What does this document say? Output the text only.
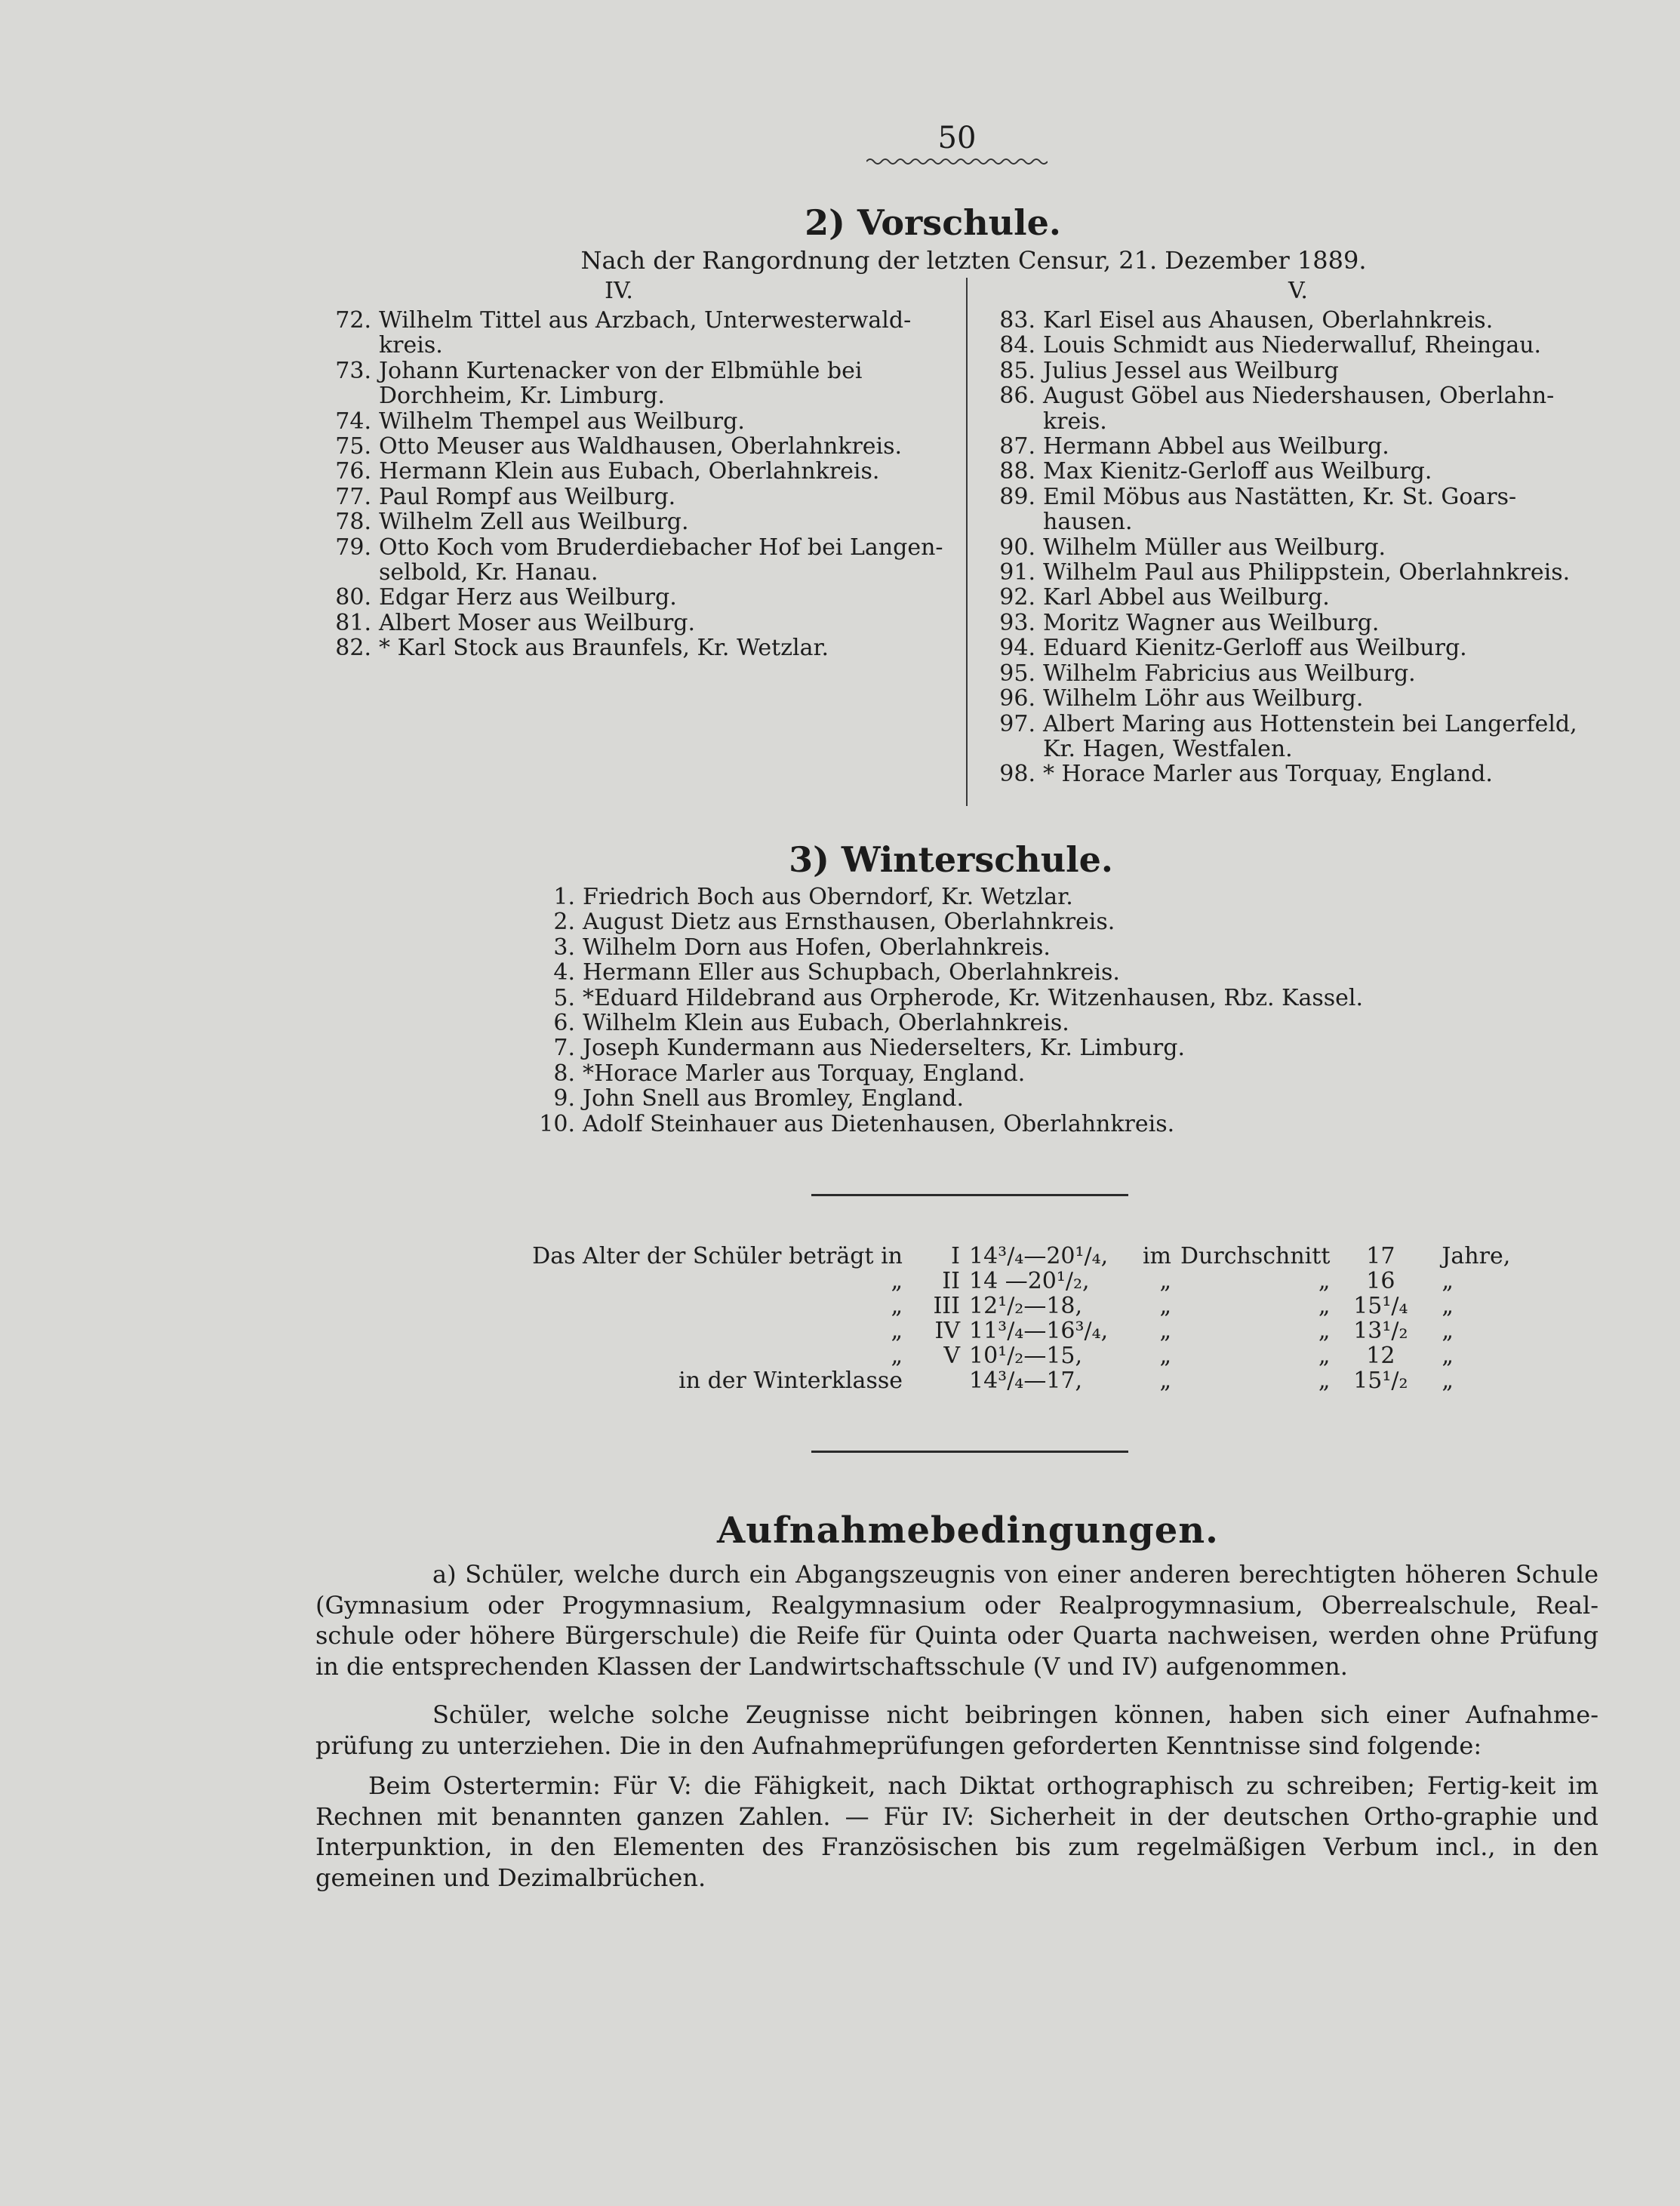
50
2) Vorschule.
Nach der Rangordnung der letzten Censur, 21. Dezember 1889.
IV.	V.
72. Wilhelm Tittel aus Arzbach, Unterwesterwald-kreis.
73. Johann Kurtenacker von der Elbmühle bei Dorchheim, Kr. Limburg.
74. Wilhelm Thempel aus Weilburg.
75. Otto Meuser aus Waldhausen, Oberlahnkreis.
76. Hermann Klein aus Eubach, Oberlahnkreis.
77. Paul Rompf aus Weilburg.
78. Wilhelm Zell aus Weilburg.
79. Otto Koch vom Bruderdiebacher Hof bei Langen-selbold, Kr. Hanau.
80. Edgar Herz aus Weilburg.
81. Albert Moser aus Weilburg.
82. * Karl Stock aus Braunfels, Kr. Wetzlar.
83. Karl Eisel aus Ahausen, Oberlahnkreis.
84. Louis Schmidt aus Niederwalluf, Rheingau.
85. Julius Jessel aus Weilburg
86. August Göbel aus Niedershausen, Oberlahn-kreis.
87. Hermann Abbel aus Weilburg.
88. Max Kienitz-Gerloff aus Weilburg.
89. Emil Möbus aus Nastätten, Kr. St. Goars-hausen.
90. Wilhelm Müller aus Weilburg.
91. Wilhelm Paul aus Philippstein, Oberlahnkreis.
92. Karl Abbel aus Weilburg.
93. Moritz Wagner aus Weilburg.
94. Eduard Kienitz-Gerloff aus Weilburg.
95. Wilhelm Fabricius aus Weilburg.
96. Wilhelm Löhr aus Weilburg.
97. Albert Maring aus Hottenstein bei Langerfeld, Kr. Hagen, Westfalen.
98. * Horace Marler aus Torquay, England.
3) Winterschule.
1. Friedrich Boch aus Oberndorf, Kr. Wetzlar.
2. August Dietz aus Ernsthausen, Oberlahnkreis.
3. Wilhelm Dorn aus Hofen, Oberlahnkreis.
4. Hermann Eller aus Schupbach, Oberlahnkreis.
5. *Eduard Hildebrand aus Orpherode, Kr. Witzenhausen, Rbz. Kassel.
6. Wilhelm Klein aus Eubach, Oberlahnkreis.
7. Joseph Kundermann aus Niederselters, Kr. Limburg.
8. *Horace Marler aus Torquay, England.
9. John Snell aus Bromley, England.
10. Adolf Steinhauer aus Dietenhausen, Oberlahnkreis.
Das Alter der Schüler beträgt in	I	14³/₄—20¹/₄,	im	Durchschnitt	17	Jahre,
„	II	14 —20¹/₂,	„	„	16	„
„	III	12¹/₂—18,	„	„	15¹/₄	„
„	IV	11³/₄—16³/₄,	„	„	13¹/₂	„
„	V	10¹/₂—15,	„	„	12	„
in der Winterklasse		14³/₄—17,	„	„	15¹/₂	„
Aufnahmebedingungen.

a) Schüler, welche durch ein Abgangszeugnis von einer anderen berechtigten höheren Schule (Gymnasium oder Progymnasium, Realgymnasium oder Realprogymnasium, Oberrealschule, Real-schule oder höhere Bürgerschule) die Reife für Quinta oder Quarta nachweisen, werden ohne Prüfung in die entsprechenden Klassen der Landwirtschaftsschule (V und IV) aufgenommen.

Schüler, welche solche Zeugnisse nicht beibringen können, haben sich einer Aufnahme-prüfung zu unterziehen. Die in den Aufnahmeprüfungen geforderten Kenntnisse sind folgende:

Beim Ostertermin: Für V: die Fähigkeit, nach Diktat orthographisch zu schreiben; Fertig-keit im Rechnen mit benannten ganzen Zahlen. — Für IV: Sicherheit in der deutschen Ortho-graphie und Interpunktion, in den Elementen des Französischen bis zum regelmäßigen Verbum incl., in den gemeinen und Dezimalbrüchen.
